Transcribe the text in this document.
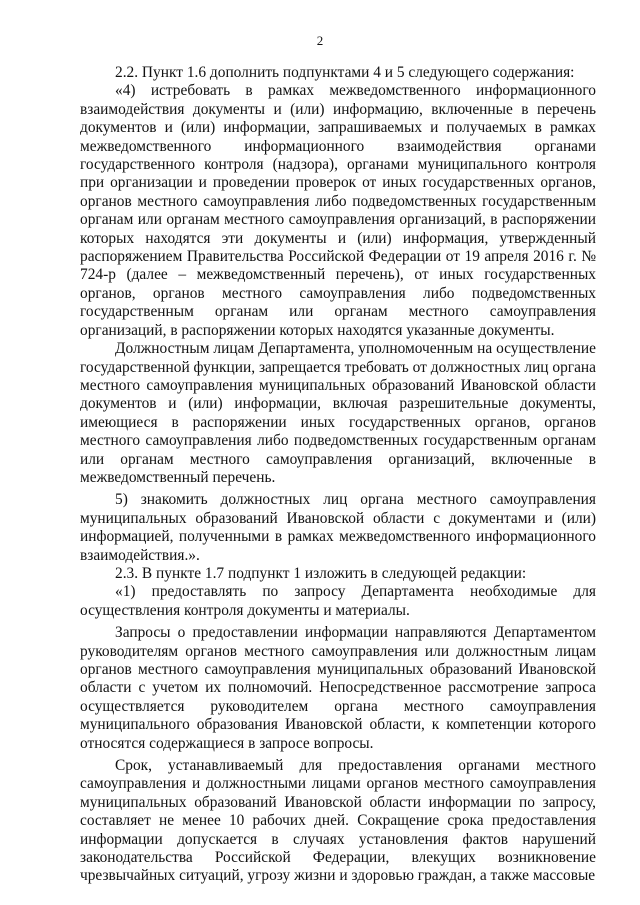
2

2.2. Пункт 1.6 дополнить подпунктами 4 и 5 следующего содержания:

«4) истребовать в рамках межведомственного информационного взаимодействия документы и (или) информацию, включенные в перечень документов и (или) информации, запрашиваемых и получаемых в рамках межведомственного информационного взаимодействия органами государственного контроля (надзора), органами муниципального контроля при организации и проведении проверок от иных государственных органов, органов местного самоуправления либо подведомственных государственным органам или органам местного самоуправления организаций, в распоряжении которых находятся эти документы и (или) информация, утвержденный распоряжением Правительства Российской Федерации от 19 апреля 2016 г. № 724-р (далее – межведомственный перечень), от иных государственных органов, органов местного самоуправления либо подведомственных государственным органам или органам местного самоуправления организаций, в распоряжении которых находятся указанные документы.

Должностным лицам Департамента, уполномоченным на осуществление государственной функции, запрещается требовать от должностных лиц органа местного самоуправления муниципальных образований Ивановской области документов и (или) информации, включая разрешительные документы, имеющиеся в распоряжении иных государственных органов, органов местного самоуправления либо подведомственных государственным органам или органам местного самоуправления организаций, включенные в межведомственный перечень.

5) знакомить должностных лиц органа местного самоуправления муниципальных образований Ивановской области с документами и (или) информацией, полученными в рамках межведомственного информационного взаимодействия.».

2.3. В пункте 1.7 подпункт 1 изложить в следующей редакции:

«1) предоставлять по запросу Департамента необходимые для осуществления контроля документы и материалы.

Запросы о предоставлении информации направляются Департаментом руководителям органов местного самоуправления или должностным лицам органов местного самоуправления муниципальных образований Ивановской области с учетом их полномочий. Непосредственное рассмотрение запроса осуществляется руководителем органа местного самоуправления муниципального образования Ивановской области, к компетенции которого относятся содержащиеся в запросе вопросы.

Срок, устанавливаемый для предоставления органами местного самоуправления и должностными лицами органов местного самоуправления муниципальных образований Ивановской области информации по запросу, составляет не менее 10 рабочих дней. Сокращение срока предоставления информации допускается в случаях установления фактов нарушений законодательства Российской Федерации, влекущих возникновение чрезвычайных ситуаций, угрозу жизни и здоровью граждан, а также массовые
